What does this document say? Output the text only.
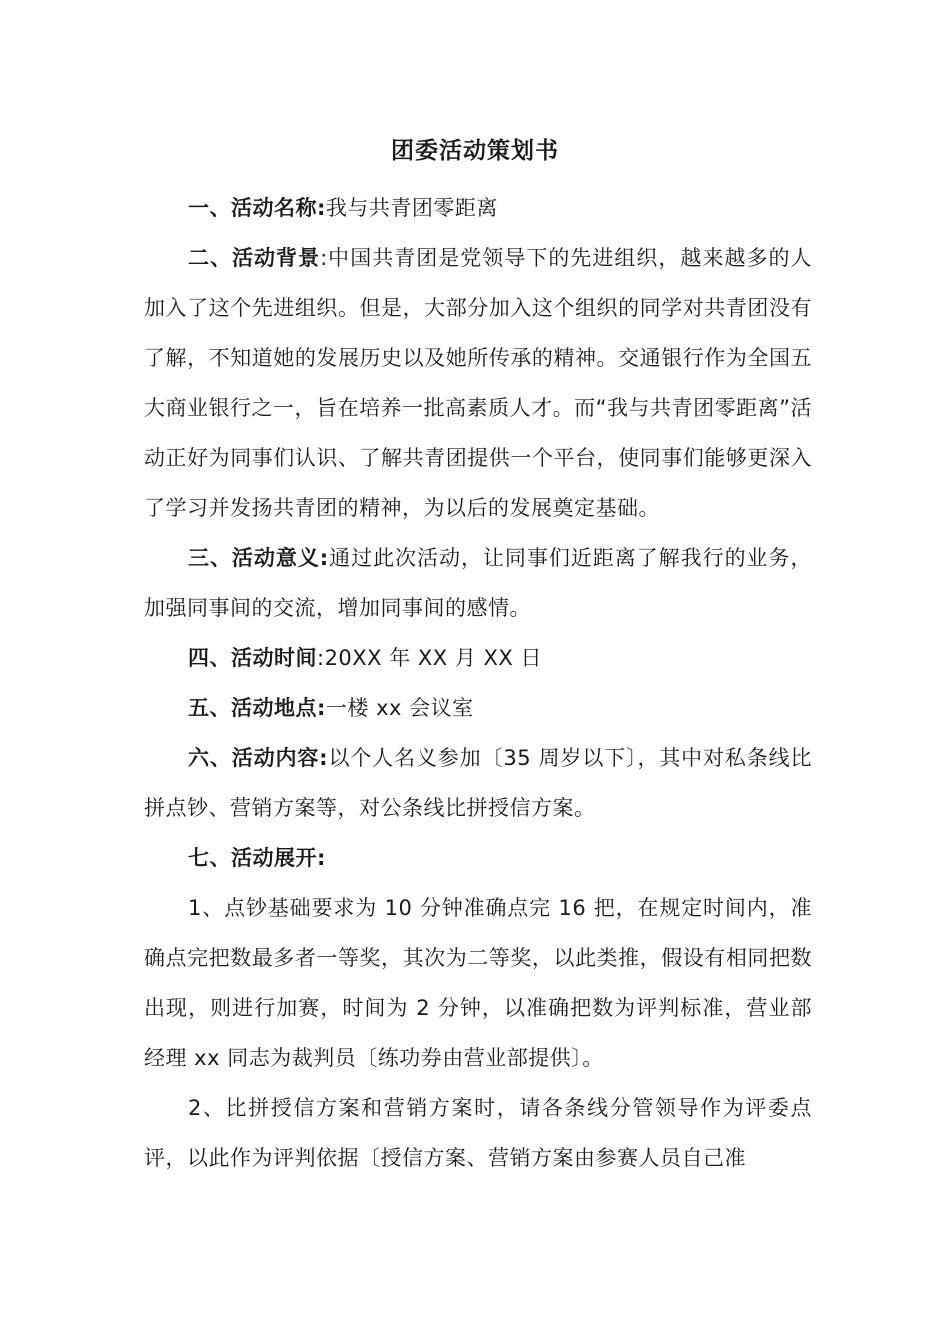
团委活动策划书

一、活动名称:我与共青团零距离

二、活动背景:中国共青团是党领导下的先进组织，越来越多的人加入了这个先进组织。但是，大部分加入这个组织的同学对共青团没有了解，不知道她的发展历史以及她所传承的精神。交通银行作为全国五大商业银行之一，旨在培养一批高素质人才。而“我与共青团零距离”活动正好为同事们认识、了解共青团提供一个平台，使同事们能够更深入了学习并发扬共青团的精神，为以后的发展奠定基础。

三、活动意义:通过此次活动，让同事们近距离了解我行的业务，加强同事间的交流，增加同事间的感情。

四、活动时间:20XX 年 XX 月 XX 日

五、活动地点:一楼 xx 会议室

六、活动内容:以个人名义参加〔35 周岁以下〕，其中对私条线比拼点钞、营销方案等，对公条线比拼授信方案。

七、活动展开:

1、点钞基础要求为 10 分钟准确点完 16 把，在规定时间内，准确点完把数最多者一等奖，其次为二等奖，以此类推，假设有相同把数出现，则进行加赛，时间为 2 分钟，以准确把数为评判标准，营业部经理 xx 同志为裁判员〔练功券由营业部提供〕。

2、比拼授信方案和营销方案时，请各条线分管领导作为评委点评，以此作为评判依据〔授信方案、营销方案由参赛人员自己准
